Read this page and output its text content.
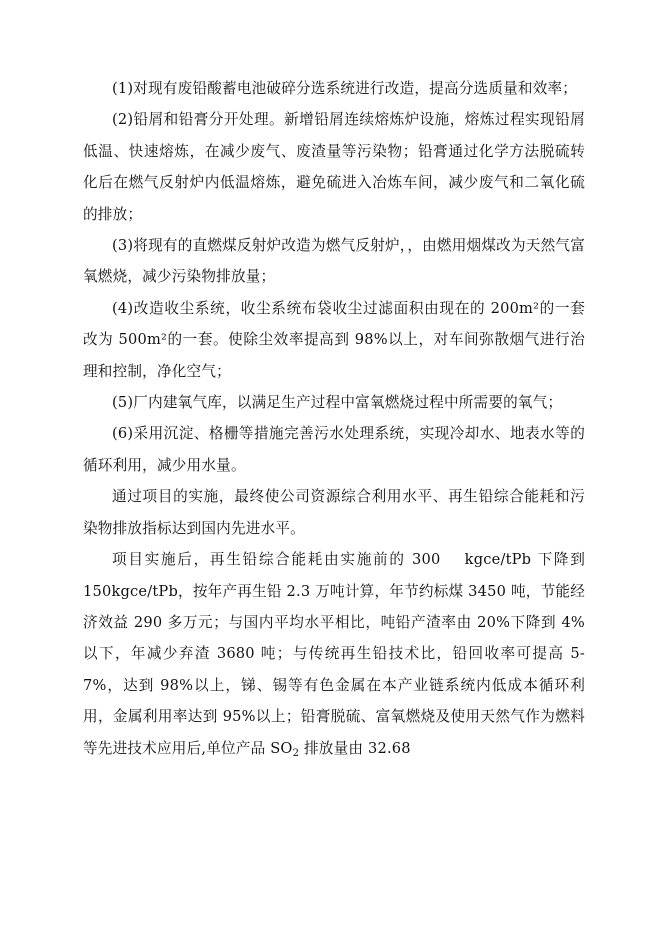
(1)对现有废铅酸蓄电池破碎分选系统进行改造，提高分选质量和效率；

(2)铅屑和铅膏分开处理。新增铅屑连续熔炼炉设施，熔炼过程实现铅屑低温、快速熔炼，在减少废气、废渣量等污染物；铅膏通过化学方法脱硫转化后在燃气反射炉内低温熔炼，避免硫进入冶炼车间，减少废气和二氧化硫的排放；

(3)将现有的直燃煤反射炉改造为燃气反射炉，，由燃用烟煤改为天然气富氧燃烧，减少污染物排放量；

(4)改造收尘系统，收尘系统布袋收尘过滤面积由现在的 200m²的一套改为 500m²的一套。使除尘效率提高到 98%以上，对车间弥散烟气进行治理和控制，净化空气；

(5)厂内建氧气库，以满足生产过程中富氧燃烧过程中所需要的氧气；

(6)采用沉淀、格栅等措施完善污水处理系统，实现冷却水、地表水等的循环利用，减少用水量。

通过项目的实施，最终使公司资源综合利用水平、再生铅综合能耗和污染物排放指标达到国内先进水平。

项目实施后，再生铅综合能耗由实施前的 300　 kgce/tPb 下降到 150kgce/tPb，按年产再生铅 2.3 万吨计算，年节约标煤 3450 吨，节能经济效益 290 多万元；与国内平均水平相比，吨铅产渣率由 20%下降到 4%以下，年减少弃渣 3680 吨；与传统再生铅技术比，铅回收率可提高 5-7%，达到 98%以上，锑、锡等有色金属在本产业链系统内低成本循环利用，金属利用率达到 95%以上；铅膏脱硫、富氧燃烧及使用天然气作为燃料等先进技术应用后,单位产品 $SO_2$ 排放量由 32.68
